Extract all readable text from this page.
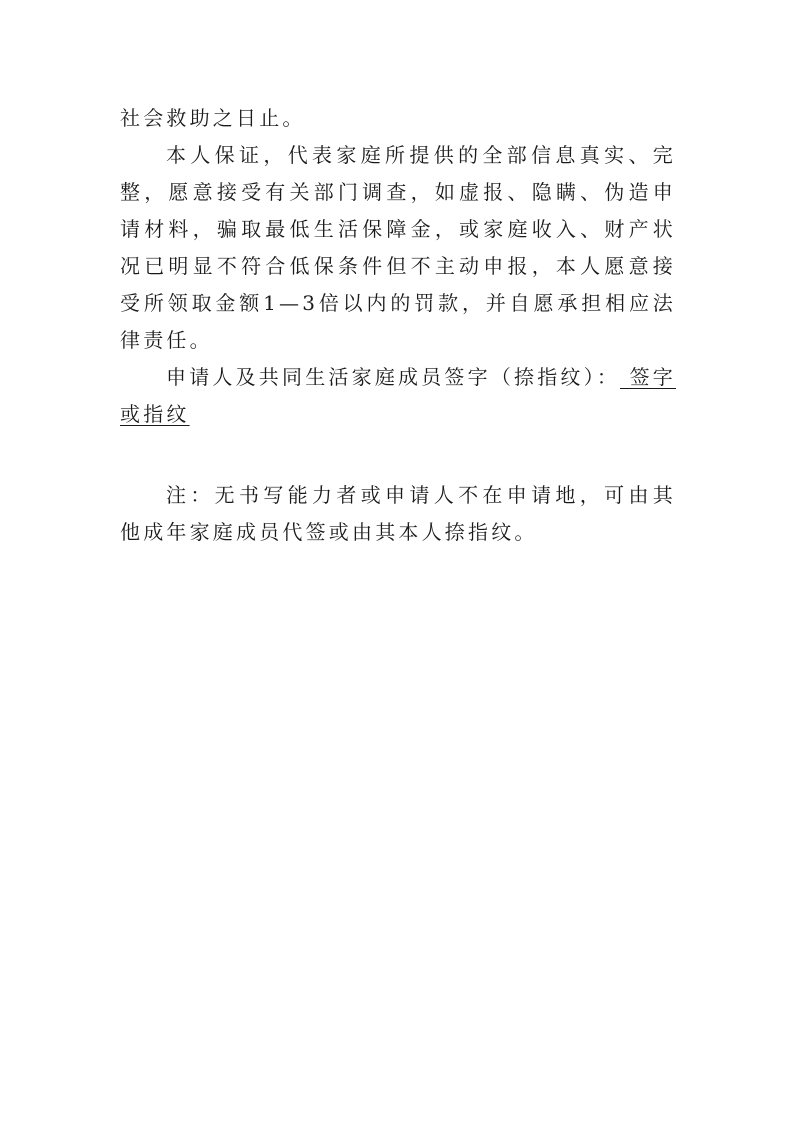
社会救助之日止。

本人保证，代表家庭所提供的全部信息真实、完整，愿意接受有关部门调查，如虚报、隐瞒、伪造申请材料，骗取最低生活保障金，或家庭收入、财产状况已明显不符合低保条件但不主动申报，本人愿意接受所领取金额1—3倍以内的罚款，并自愿承担相应法律责任。

申请人及共同生活家庭成员签字（捺指纹）： 签字或指纹

注：无书写能力者或申请人不在申请地，可由其他成年家庭成员代签或由其本人捺指纹。
